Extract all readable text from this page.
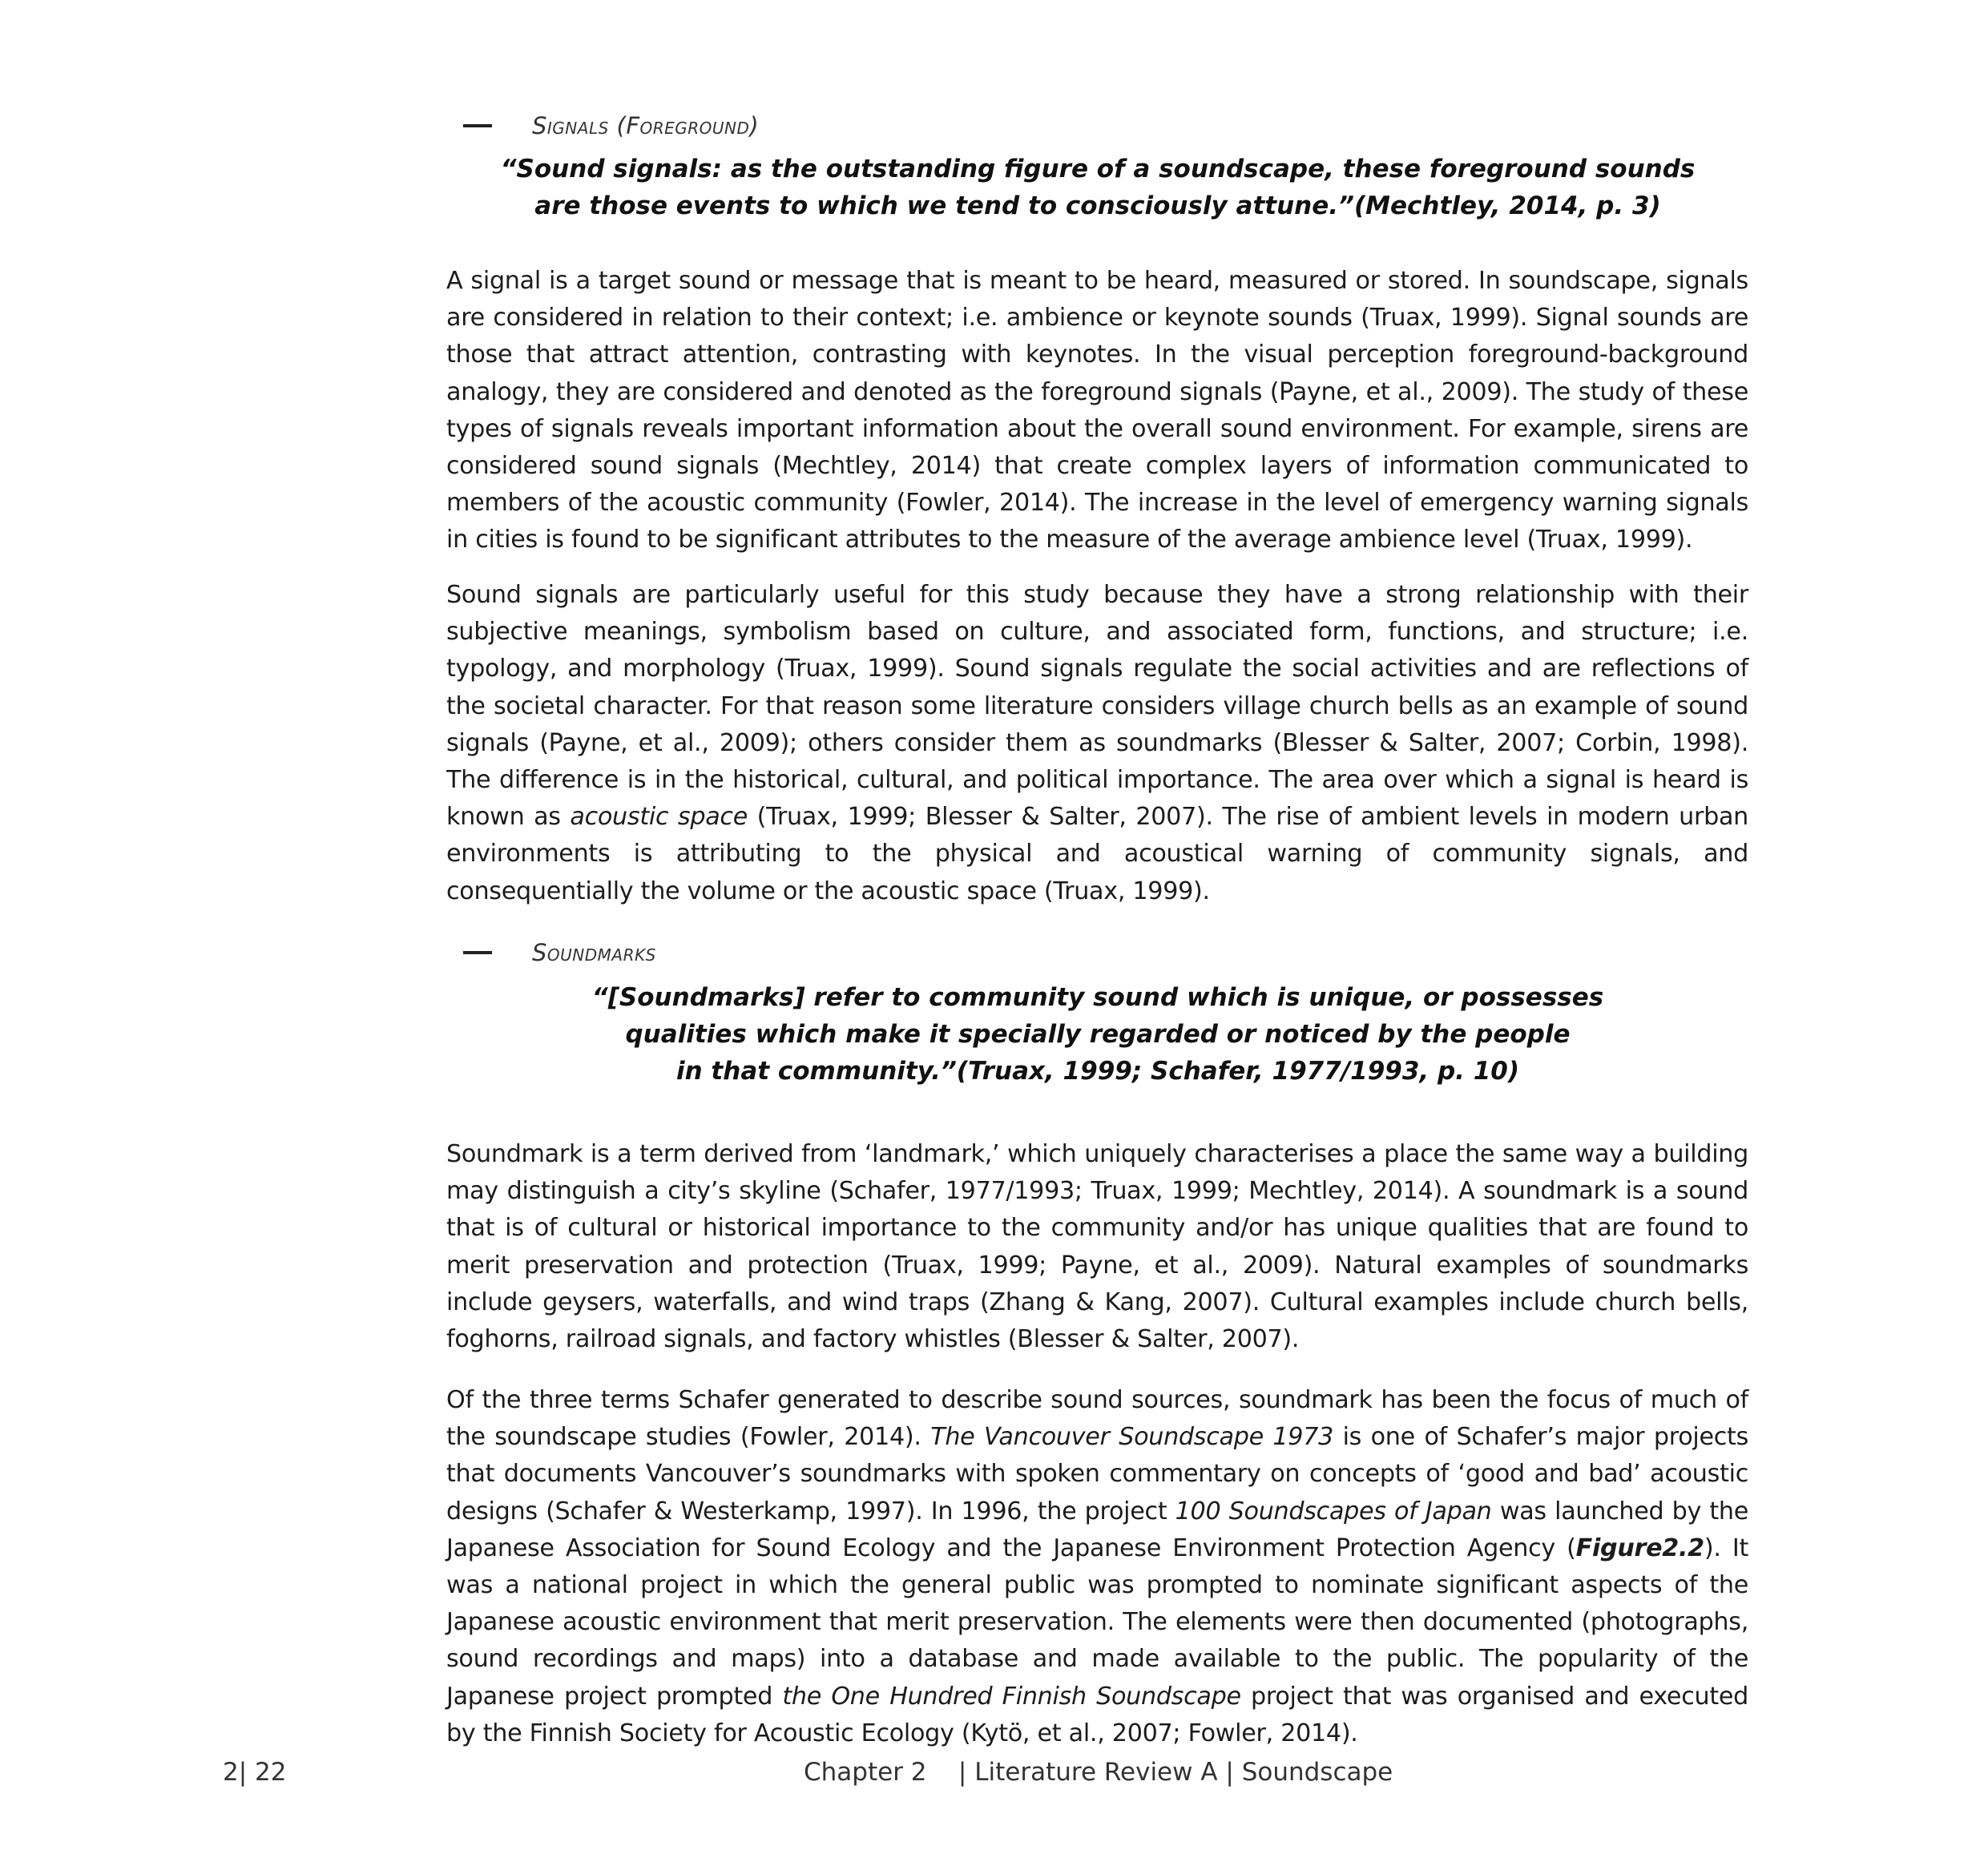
Signals (Foreground)
“Sound signals: as the outstanding figure of a soundscape, these foreground sounds
are those events to which we tend to consciously attune.”(Mechtley, 2014, p. 3)

A signal is a target sound or message that is meant to be heard, measured or stored. In soundscape, signals are considered in relation to their context; i.e. ambience or keynote sounds (Truax, 1999). Signal sounds are those that attract attention, contrasting with keynotes. In the visual perception foreground-background analogy, they are considered and denoted as the foreground signals (Payne, et al., 2009). The study of these types of signals reveals important information about the overall sound environment. For example, sirens are considered sound signals (Mechtley, 2014) that create complex layers of information communicated to members of the acoustic community (Fowler, 2014). The increase in the level of emergency warning signals in cities is found to be significant attributes to the measure of the average ambience level (Truax, 1999).

Sound signals are particularly useful for this study because they have a strong relationship with their subjective meanings, symbolism based on culture, and associated form, functions, and structure; i.e. typology, and morphology (Truax, 1999). Sound signals regulate the social activities and are reflections of the societal character. For that reason some literature considers village church bells as an example of sound signals (Payne, et al., 2009); others consider them as soundmarks (Blesser & Salter, 2007; Corbin, 1998). The difference is in the historical, cultural, and political importance. The area over which a signal is heard is known as acoustic space (Truax, 1999; Blesser & Salter, 2007). The rise of ambient levels in modern urban environments is attributing to the physical and acoustical warning of community signals, and consequentially the volume or the acoustic space (Truax, 1999).

Soundmarks
“[Soundmarks] refer to community sound which is unique, or possesses
qualities which make it specially regarded or noticed by the people
in that community.”(Truax, 1999; Schafer, 1977/1993, p. 10)

Soundmark is a term derived from ‘landmark,’ which uniquely characterises a place the same way a building may distinguish a city’s skyline (Schafer, 1977/1993; Truax, 1999; Mechtley, 2014). A soundmark is a sound that is of cultural or historical importance to the community and/or has unique qualities that are found to merit preservation and protection (Truax, 1999; Payne, et al., 2009). Natural examples of soundmarks include geysers, waterfalls, and wind traps (Zhang & Kang, 2007). Cultural examples include church bells, foghorns, railroad signals, and factory whistles (Blesser & Salter, 2007).

Of the three terms Schafer generated to describe sound sources, soundmark has been the focus of much of the soundscape studies (Fowler, 2014). The Vancouver Soundscape 1973 is one of Schafer’s major projects that documents Vancouver’s soundmarks with spoken commentary on concepts of ‘good and bad’ acoustic designs (Schafer & Westerkamp, 1997). In 1996, the project 100 Soundscapes of Japan was launched by the Japanese Association for Sound Ecology and the Japanese Environment Protection Agency (Figure2.2). It was a national project in which the general public was prompted to nominate significant aspects of the Japanese acoustic environment that merit preservation. The elements were then documented (photographs, sound recordings and maps) into a database and made available to the public. The popularity of the Japanese project prompted the One Hundred Finnish Soundscape project that was organised and executed by the Finnish Society for Acoustic Ecology (Kytö, et al., 2007; Fowler, 2014).

2| 22	Chapter 2    | Literature Review A | Soundscape
